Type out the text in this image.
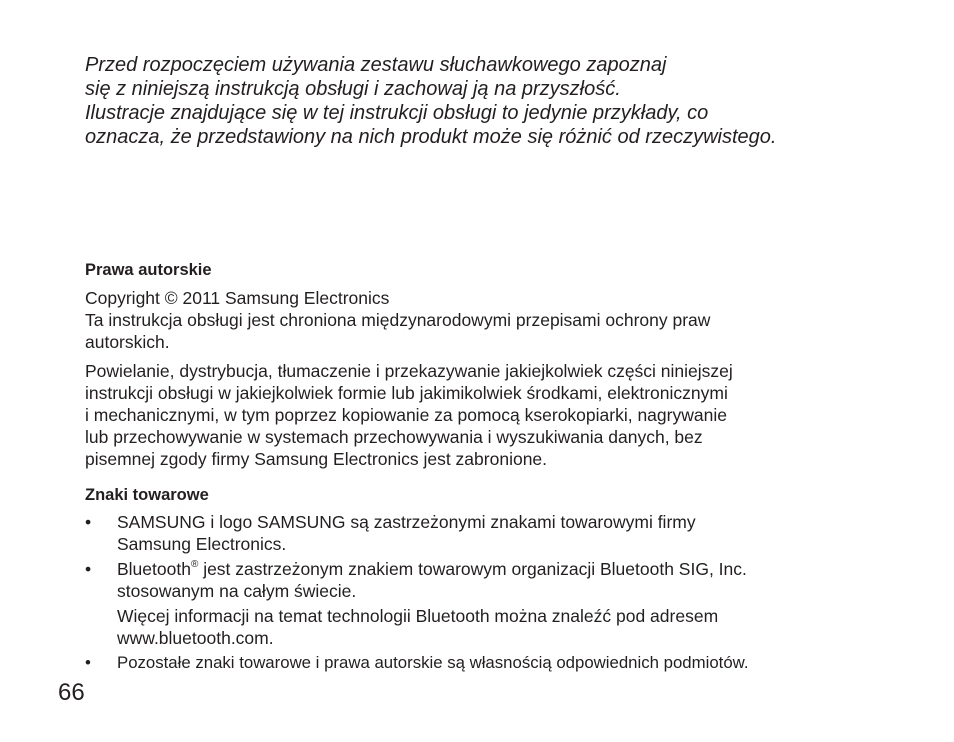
Przed rozpoczęciem używania zestawu słuchawkowego zapoznaj

się z niniejszą instrukcją obsługi i zachowaj ją na przyszłość.

Ilustracje znajdujące się w tej instrukcji obsługi to jedynie przykłady, co

oznacza, że przedstawiony na nich produkt może się różnić od rzeczywistego.

Prawa autorskie

Copyright © 2011 Samsung Electronics

Ta instrukcja obsługi jest chroniona międzynarodowymi przepisami ochrony praw

autorskich.

Powielanie, dystrybucja, tłumaczenie i przekazywanie jakiejkolwiek części niniejszej

instrukcji obsługi w jakiejkolwiek formie lub jakimikolwiek środkami, elektronicznymi

i mechanicznymi, w tym poprzez kopiowanie za pomocą kserokopiarki, nagrywanie

lub przechowywanie w systemach przechowywania i wyszukiwania danych, bez

pisemnej zgody firmy Samsung Electronics jest zabronione.

Znaki towarowe
• SAMSUNG i logo SAMSUNG są zastrzeżonymi znakami towarowymi firmy

Samsung Electronics.

• Bluetooth® jest zastrzeżonym znakiem towarowym organizacji Bluetooth SIG, Inc.

stosowanym na całym świecie.

Więcej informacji na temat technologii Bluetooth można znaleźć pod adresem

www.bluetooth.com.

• Pozostałe znaki towarowe i prawa autorskie są własnością odpowiednich podmiotów.

66
